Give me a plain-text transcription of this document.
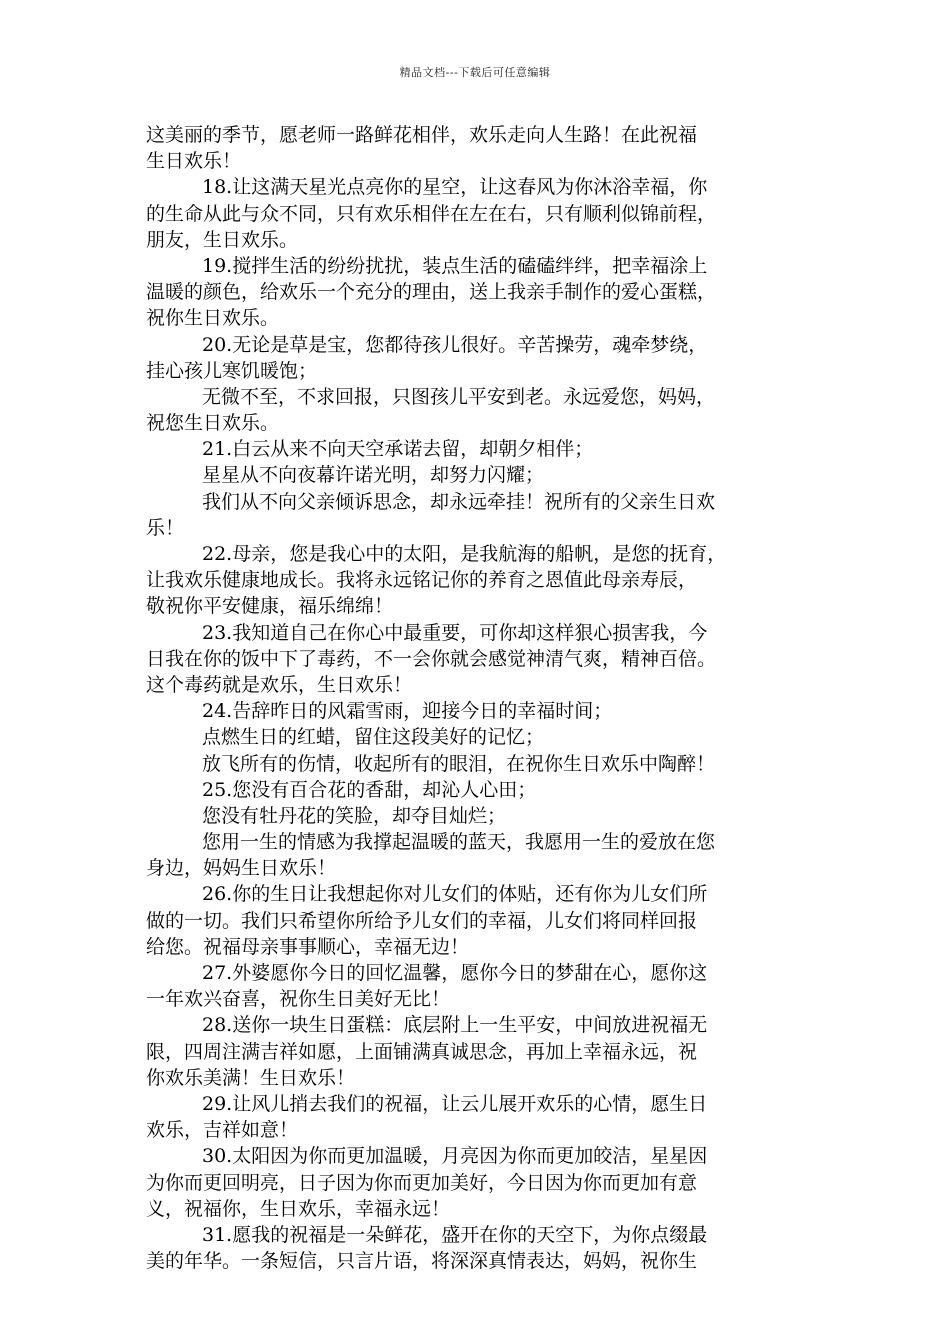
精品文档---下载后可任意编辑
这美丽的季节，愿老师一路鲜花相伴，欢乐走向人生路！在此祝福
生日欢乐！
18.让这满天星光点亮你的星空，让这春风为你沐浴幸福，你
的生命从此与众不同，只有欢乐相伴在左在右，只有顺利似锦前程，
朋友，生日欢乐。
19.搅拌生活的纷纷扰扰，装点生活的磕磕绊绊，把幸福涂上
温暖的颜色，给欢乐一个充分的理由，送上我亲手制作的爱心蛋糕，
祝你生日欢乐。
20.无论是草是宝，您都待孩儿很好。辛苦操劳，魂牵梦绕，
挂心孩儿寒饥暖饱；
无微不至，不求回报，只图孩儿平安到老。永远爱您，妈妈，
祝您生日欢乐。
21.白云从来不向天空承诺去留，却朝夕相伴；
星星从不向夜幕许诺光明，却努力闪耀；
我们从不向父亲倾诉思念，却永远牵挂！祝所有的父亲生日欢
乐！
22.母亲，您是我心中的太阳，是我航海的船帆，是您的抚育，
让我欢乐健康地成长。我将永远铭记你的养育之恩值此母亲寿辰，
敬祝你平安健康，福乐绵绵！
23.我知道自己在你心中最重要，可你却这样狠心损害我，今
日我在你的饭中下了毒药，不一会你就会感觉神清气爽，精神百倍。
这个毒药就是欢乐，生日欢乐！
24.告辞昨日的风霜雪雨，迎接今日的幸福时间；
点燃生日的红蜡，留住这段美好的记忆；
放飞所有的伤情，收起所有的眼泪，在祝你生日欢乐中陶醉！
25.您没有百合花的香甜，却沁人心田；
您没有牡丹花的笑脸，却夺目灿烂；
您用一生的情感为我撑起温暖的蓝天，我愿用一生的爱放在您
身边，妈妈生日欢乐！
26.你的生日让我想起你对儿女们的体贴，还有你为儿女们所
做的一切。我们只希望你所给予儿女们的幸福，儿女们将同样回报
给您。祝福母亲事事顺心，幸福无边！
27.外婆愿你今日的回忆温馨，愿你今日的梦甜在心，愿你这
一年欢兴奋喜，祝你生日美好无比！
28.送你一块生日蛋糕：底层附上一生平安，中间放进祝福无
限，四周注满吉祥如愿，上面铺满真诚思念，再加上幸福永远，祝
你欢乐美满！生日欢乐！
29.让风儿捎去我们的祝福，让云儿展开欢乐的心情，愿生日
欢乐，吉祥如意！
30.太阳因为你而更加温暖，月亮因为你而更加皎洁，星星因
为你而更回明亮，日子因为你而更加美好，今日因为你而更加有意
义，祝福你，生日欢乐，幸福永远！
31.愿我的祝福是一朵鲜花，盛开在你的天空下，为你点缀最
美的年华。一条短信，只言片语，将深深真情表达，妈妈，祝你生
